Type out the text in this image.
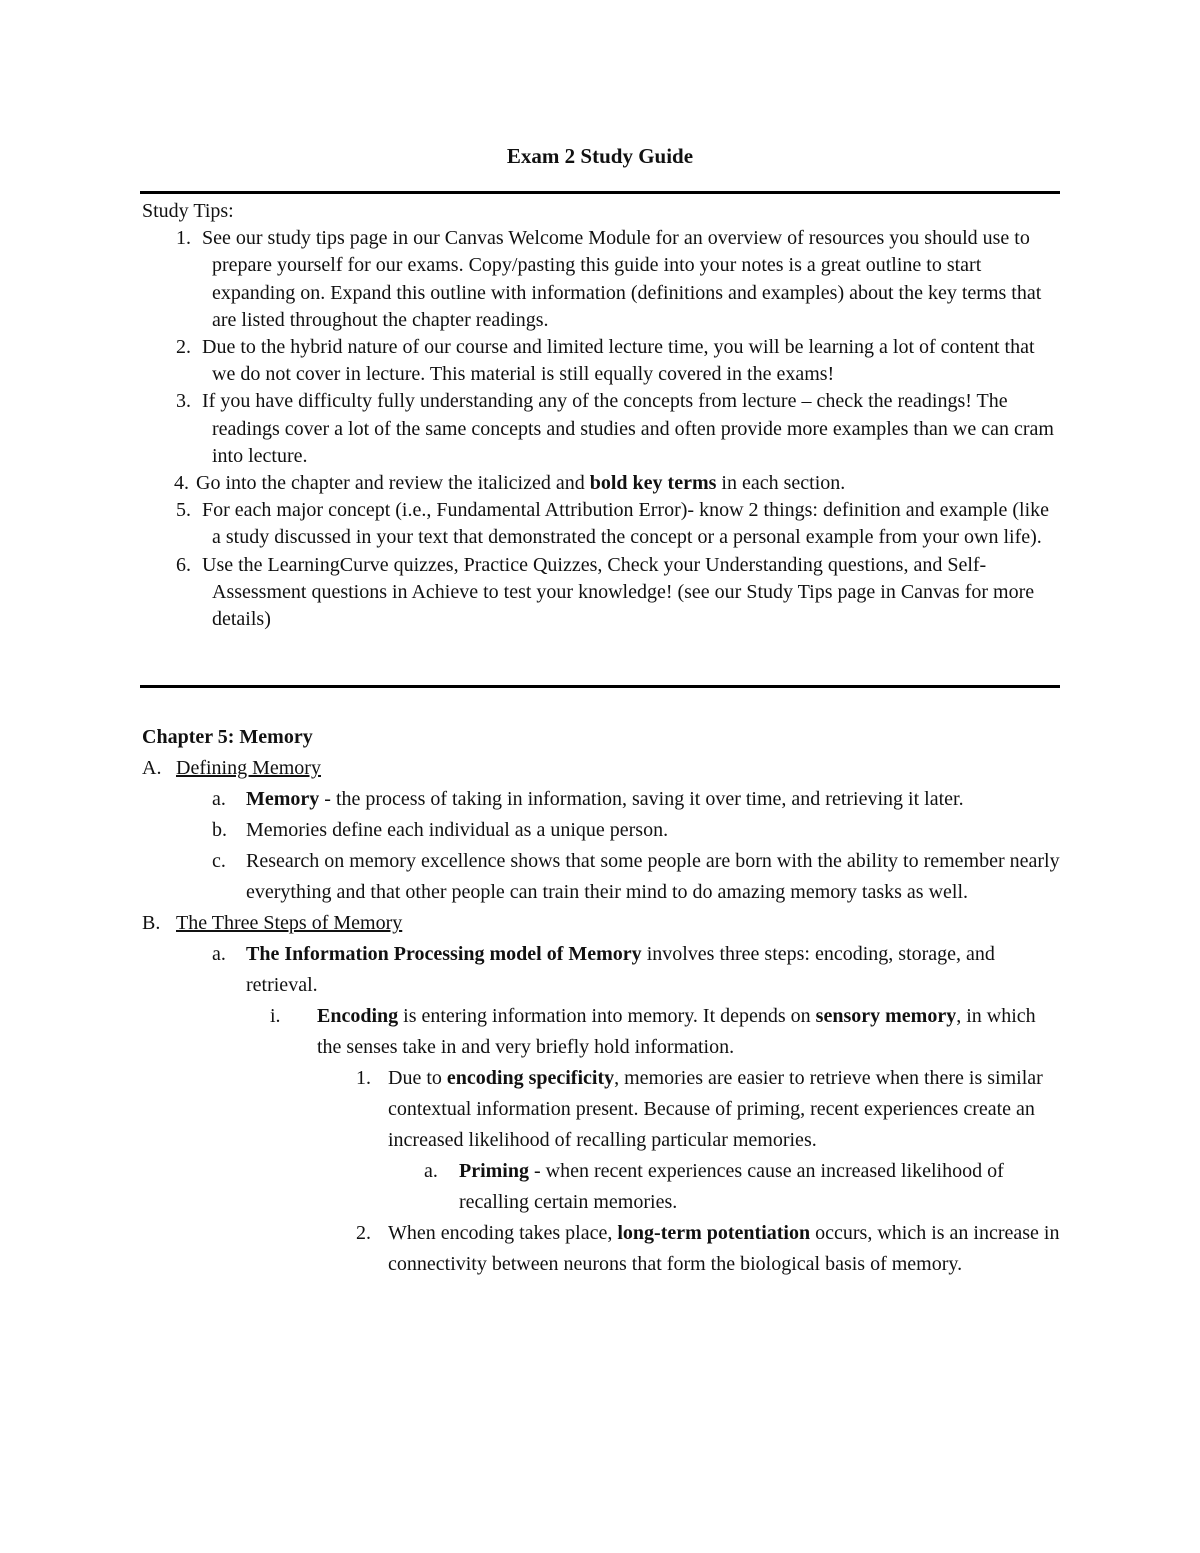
Exam 2 Study Guide

Study Tips:

1. See our study tips page in our Canvas Welcome Module for an overview of resources you should use to prepare yourself for our exams. Copy/pasting this guide into your notes is a great outline to start expanding on. Expand this outline with information (definitions and examples) about the key terms that are listed throughout the chapter readings.
2. Due to the hybrid nature of our course and limited lecture time, you will be learning a lot of content that we do not cover in lecture. This material is still equally covered in the exams!
3. If you have difficulty fully understanding any of the concepts from lecture – check the readings! The readings cover a lot of the same concepts and studies and often provide more examples than we can cram into lecture.
4. Go into the chapter and review the italicized and bold key terms in each section.
5. For each major concept (i.e., Fundamental Attribution Error)- know 2 things: definition and example (like a study discussed in your text that demonstrated the concept or a personal example from your own life).
6. Use the LearningCurve quizzes, Practice Quizzes, Check your Understanding questions, and Self-Assessment questions in Achieve to test your knowledge! (see our Study Tips page in Canvas for more details)

Chapter 5: Memory

A. Defining Memory
a. Memory - the process of taking in information, saving it over time, and retrieving it later.
b. Memories define each individual as a unique person.
c. Research on memory excellence shows that some people are born with the ability to remember nearly everything and that other people can train their mind to do amazing memory tasks as well.
B. The Three Steps of Memory
a. The Information Processing model of Memory involves three steps: encoding, storage, and retrieval.
i. Encoding is entering information into memory. It depends on sensory memory, in which the senses take in and very briefly hold information.
1. Due to encoding specificity, memories are easier to retrieve when there is similar contextual information present. Because of priming, recent experiences create an increased likelihood of recalling particular memories.
a. Priming - when recent experiences cause an increased likelihood of recalling certain memories.
2. When encoding takes place, long-term potentiation occurs, which is an increase in connectivity between neurons that form the biological basis of memory.
